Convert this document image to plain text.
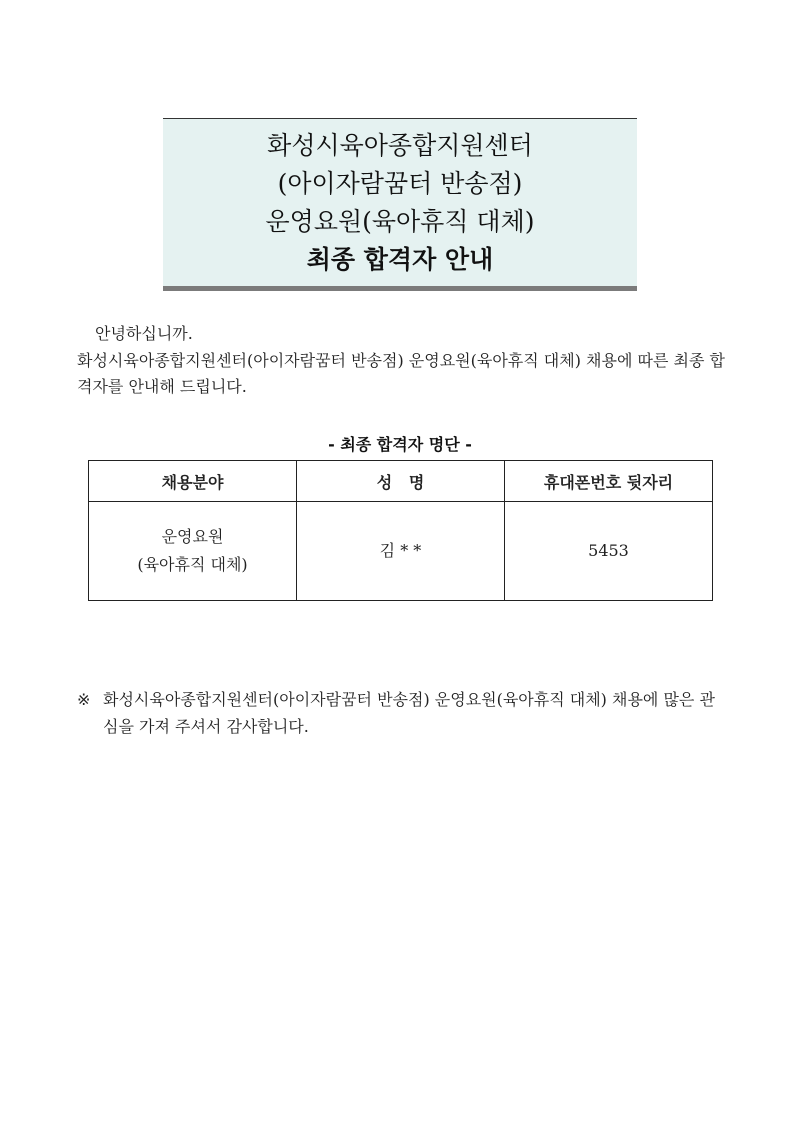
화성시육아종합지원센터
(아이자람꿈터 반송점)
운영요원(육아휴직 대체)
최종 합격자 안내
안녕하십니까.
화성시육아종합지원센터(아이자람꿈터 반송점) 운영요원(육아휴직 대체) 채용에 따른 최종 합격자를 안내해 드립니다.
- 최종 합격자 명단 -
채용분야	성   명	휴대폰번호 뒷자리

운영요원
(육아휴직 대체)	김 * *	5453
※ 화성시육아종합지원센터(아이자람꿈터 반송점) 운영요원(육아휴직 대체) 채용에 많은 관심을 가져 주셔서 감사합니다.
